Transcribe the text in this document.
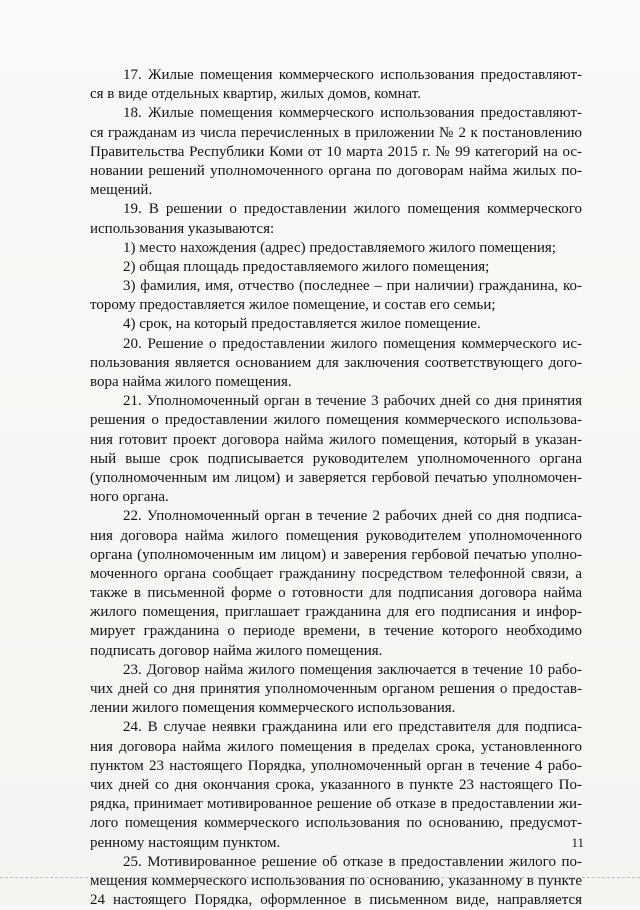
17. Жилые помещения коммерческого использования предоставляют-
ся в виде отдельных квартир, жилых домов, комнат.
18. Жилые помещения коммерческого использования предоставляют-
ся гражданам из числа перечисленных в приложении № 2 к постановлению
Правительства Республики Коми от 10 марта 2015 г. № 99 категорий на ос-
новании решений уполномоченного органа по договорам найма жилых по-
мещений.
19. В решении о предоставлении жилого помещения коммерческого
использования указываются:
1) место нахождения (адрес) предоставляемого жилого помещения;
2) общая площадь предоставляемого жилого помещения;
3) фамилия, имя, отчество (последнее – при наличии) гражданина, ко-
торому предоставляется жилое помещение, и состав его семьи;
4) срок, на который предоставляется жилое помещение.
20. Решение о предоставлении жилого помещения коммерческого ис-
пользования является основанием для заключения соответствующего дого-
вора найма жилого помещения.
21. Уполномоченный орган в течение 3 рабочих дней со дня принятия
решения о предоставлении жилого помещения коммерческого использова-
ния готовит проект договора найма жилого помещения, который в указан-
ный выше срок подписывается руководителем уполномоченного органа
(уполномоченным им лицом) и заверяется гербовой печатью уполномочен-
ного органа.
22. Уполномоченный орган в течение 2 рабочих дней со дня подписа-
ния договора найма жилого помещения руководителем уполномоченного
органа (уполномоченным им лицом) и заверения гербовой печатью уполно-
моченного органа сообщает гражданину посредством телефонной связи, а
также в письменной форме о готовности для подписания договора найма
жилого помещения, приглашает гражданина для его подписания и инфор-
мирует гражданина о периоде времени, в течение которого необходимо
подписать договор найма жилого помещения.
23. Договор найма жилого помещения заключается в течение 10 рабо-
чих дней со дня принятия уполномоченным органом решения о предостав-
лении жилого помещения коммерческого использования.
24. В случае неявки гражданина или его представителя для подписа-
ния договора найма жилого помещения в пределах срока, установленного
пунктом 23 настоящего Порядка, уполномоченный орган в течение 4 рабо-
чих дней со дня окончания срока, указанного в пункте 23 настоящего По-
рядка, принимает мотивированное решение об отказе в предоставлении жи-
лого помещения коммерческого использования по основанию, предусмот-
ренному настоящим пунктом.
25. Мотивированное решение об отказе в предоставлении жилого по-
мещения коммерческого использования по основанию, указанному в пункте
24 настоящего Порядка, оформленное в письменном виде, направляется
11
